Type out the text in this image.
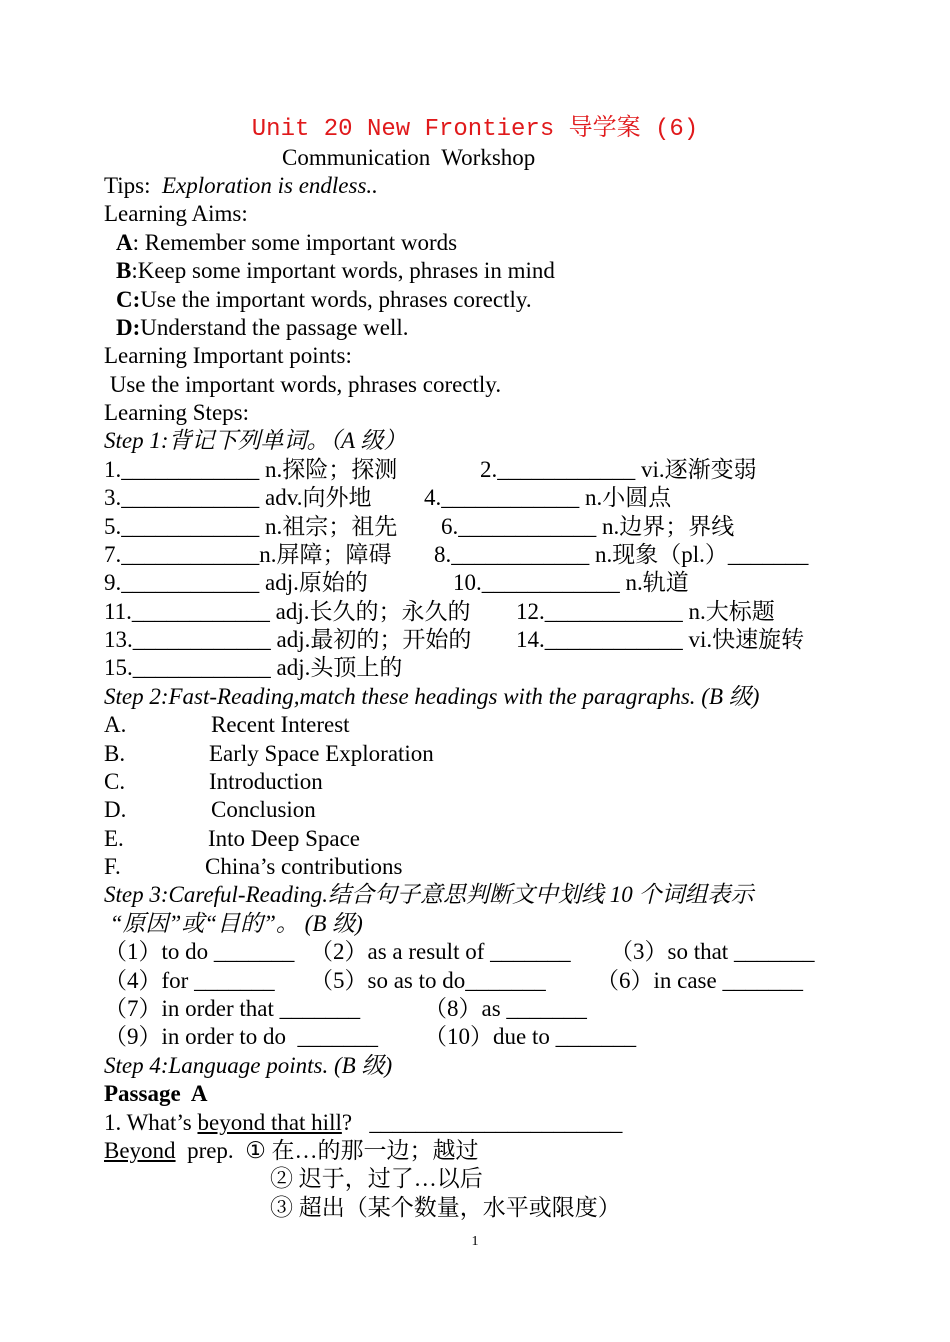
Unit 20 New Frontiers 导学案 (6)
Communication  Workshop
Tips:  Exploration is endless..
Learning Aims:
A: Remember some important words
B:Keep some important words, phrases in mind
C:Use the important words, phrases corectly.
D:Understand the passage well.
Learning Important points:
Use the important words, phrases corectly.
Learning Steps:
Step 1:背记下列单词。（A 级）
1.____________ n.探险；探测	2.____________ vi.逐渐变弱
3.____________ adv.向外地 4.____________ n.小圆点
5.____________ n.祖宗；祖先 6.____________ n.边界；界线
7.____________n.屏障；障碍 8.____________ n.现象（pl.）_______
9.____________ adj.原始的	10.____________ n.轨道
11.____________ adj.长久的；永久的 12.____________ n.大标题
13.____________ adj.最初的；开始的 14.____________ vi.快速旋转
15.____________ adj.头顶上的
Step 2:Fast-Reading,match these headings with the paragraphs. (B 级)
A.	Recent Interest
B.	Early Space Exploration
C.	Introduction
D.	Conclusion
E.	Into Deep Space
F.	China’s contributions
Step 3:Careful-Reading.结合句子意思判断文中划线 10 个词组表示
“原因”或“目的”。 (B 级)
（1）to do _______ （2）as a result of _______ （3）so that _______
（4）for _______ （5）so as to do_______ （6）in case _______
（7）in order that _______	（8）as _______
（9）in order to do  _______ （10）due to _______
Step 4:Language points. (B 级)
Passage  A
1. What’s beyond that hill?   ______________________
Beyond  prep.  ① 在…的那一边；越过
② 迟于，过了…以后
③ 超出（某个数量，水平或限度）
1
